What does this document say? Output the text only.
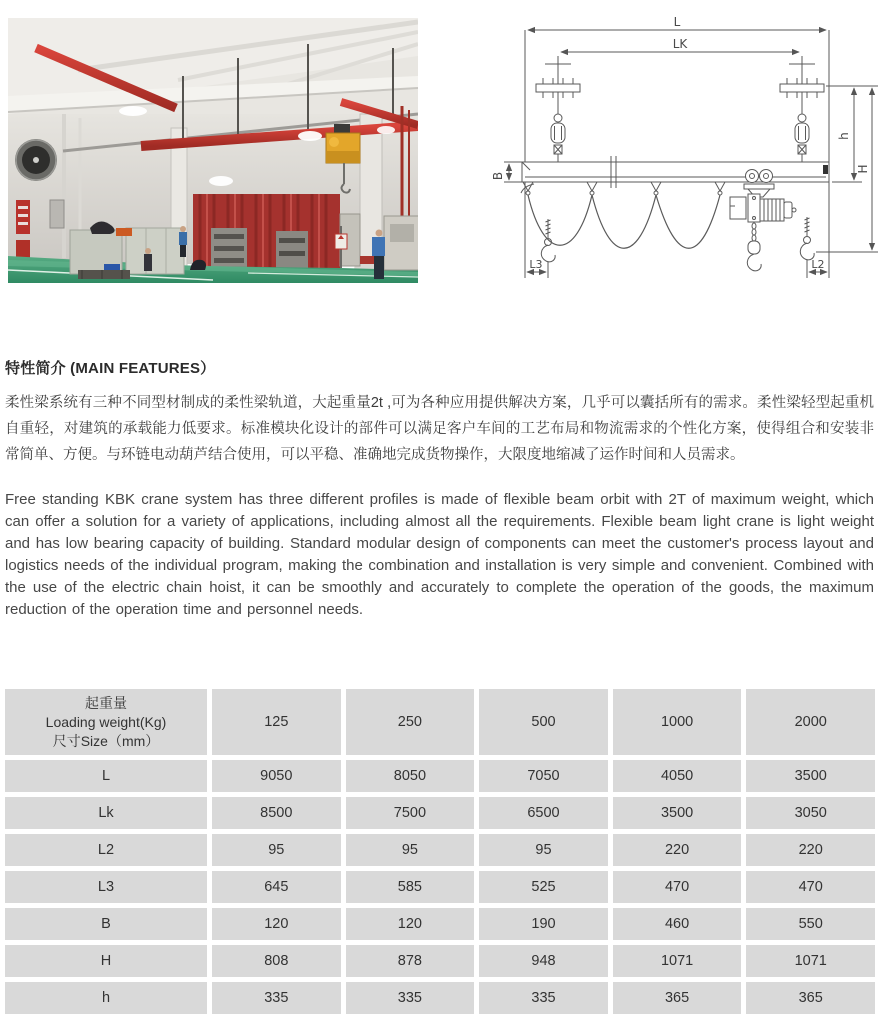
L
LK
B
h
H
L3	L2
特性简介 (MAIN FEATURES）

柔性梁系统有三种不同型材制成的柔性梁轨道，大起重量2t ,可为各种应用提供解决方案，几乎可以囊括所有的需求。柔性梁轻型起重机自重轻，对建筑的承载能力低要求。标准模块化设计的部件可以满足客户车间的工艺布局和物流需求的个性化方案，使得组合和安装非常简单、方便。与环链电动葫芦结合使用，可以平稳、准确地完成货物操作，大限度地缩减了运作时间和人员需求。

Free standing KBK crane system has three different profiles is made of flexible beam orbit with 2T of maximum weight, which can offer a solution for a variety of applications, including almost all the requirements. Flexible beam light crane is light weight and has low bearing capacity of building. Standard modular design of components can meet the customer's process layout and logistics needs of the individual program, making the combination and installation is very simple and convenient. Combined with the use of the electric chain hoist, it can be smoothly and accurately to complete the operation of the goods, the maximum reduction of the operation time and personnel needs.

起重量
Loading weight(Kg)
尺寸Size（mm）
125	250	500	1000	2000
L	9050	8050	7050	4050	3500
Lk	8500	7500	6500	3500	3050
L2	95	95	95	220	220
L3	645	585	525	470	470
B	120	120	190	460	550
H	808	878	948	1071	1071
h	335	335	335	365	365
